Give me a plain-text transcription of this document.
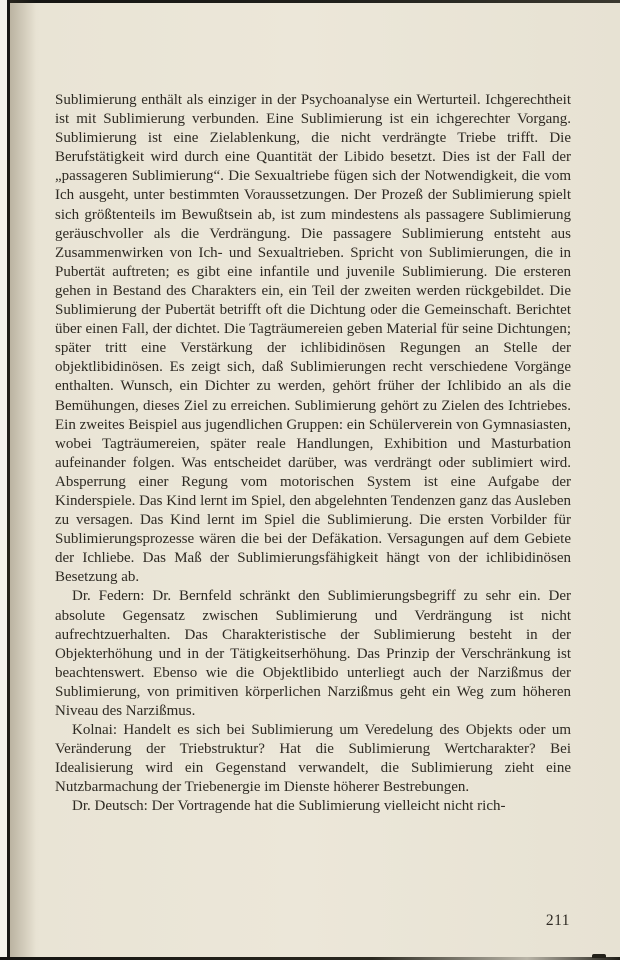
Sublimierung enthält als einziger in der Psychoanalyse ein Werturteil. Ichgerechtheit ist mit Sublimierung verbunden. Eine Sublimierung ist ein ichgerechter Vorgang. Sublimierung ist eine Zielablenkung, die nicht verdrängte Triebe trifft. Die Berufstätigkeit wird durch eine Quantität der Libido besetzt. Dies ist der Fall der „passageren Sublimierung“. Die Sexualtriebe fügen sich der Notwendigkeit, die vom Ich ausgeht, unter bestimmten Voraussetzungen. Der Prozeß der Sublimierung spielt sich größtenteils im Bewußtsein ab, ist zum mindestens als passagere Sublimierung geräuschvoller als die Verdrängung. Die passagere Sublimierung entsteht aus Zusammenwirken von Ich- und Sexualtrieben. Spricht von Sublimierungen, die in Pubertät auftreten; es gibt eine infantile und juvenile Sublimierung. Die ersteren gehen in Bestand des Charakters ein, ein Teil der zweiten werden rückgebildet. Die Sublimierung der Pubertät betrifft oft die Dichtung oder die Gemeinschaft. Berichtet über einen Fall, der dichtet. Die Tagträumereien geben Material für seine Dichtungen; später tritt eine Verstärkung der ichlibidinösen Regungen an Stelle der objektlibidinösen. Es zeigt sich, daß Sublimierungen recht verschiedene Vorgänge enthalten. Wunsch, ein Dichter zu werden, gehört früher der Ichlibido an als die Bemühungen, dieses Ziel zu erreichen. Sublimierung gehört zu Zielen des Ichtriebes. Ein zweites Beispiel aus jugendlichen Gruppen: ein Schülerverein von Gymnasiasten, wobei Tagträumereien, später reale Handlungen, Exhibition und Masturbation aufeinander folgen. Was entscheidet darüber, was verdrängt oder sublimiert wird. Absperrung einer Regung vom motorischen System ist eine Aufgabe der Kinderspiele. Das Kind lernt im Spiel, den abgelehnten Tendenzen ganz das Ausleben zu versagen. Das Kind lernt im Spiel die Sublimierung. Die ersten Vorbilder für Sublimierungsprozesse wären die bei der Defäkation. Versagungen auf dem Gebiete der Ichliebe. Das Maß der Sublimierungsfähigkeit hängt von der ichlibidinösen Besetzung ab.

Dr. Federn: Dr. Bernfeld schränkt den Sublimierungsbegriff zu sehr ein. Der absolute Gegensatz zwischen Sublimierung und Verdrängung ist nicht aufrechtzuerhalten. Das Charakteristische der Sublimierung besteht in der Objekterhöhung und in der Tätigkeitserhöhung. Das Prinzip der Verschränkung ist beachtenswert. Ebenso wie die Objektlibido unterliegt auch der Narzißmus der Sublimierung, von primitiven körperlichen Narzißmus geht ein Weg zum höheren Niveau des Narzißmus.

Kolnai: Handelt es sich bei Sublimierung um Veredelung des Objekts oder um Veränderung der Triebstruktur? Hat die Sublimierung Wertcharakter? Bei Idealisierung wird ein Gegenstand verwandelt, die Sublimierung zieht eine Nutzbarmachung der Triebenergie im Dienste höherer Bestrebungen.

Dr. Deutsch: Der Vortragende hat die Sublimierung vielleicht nicht rich-

211
